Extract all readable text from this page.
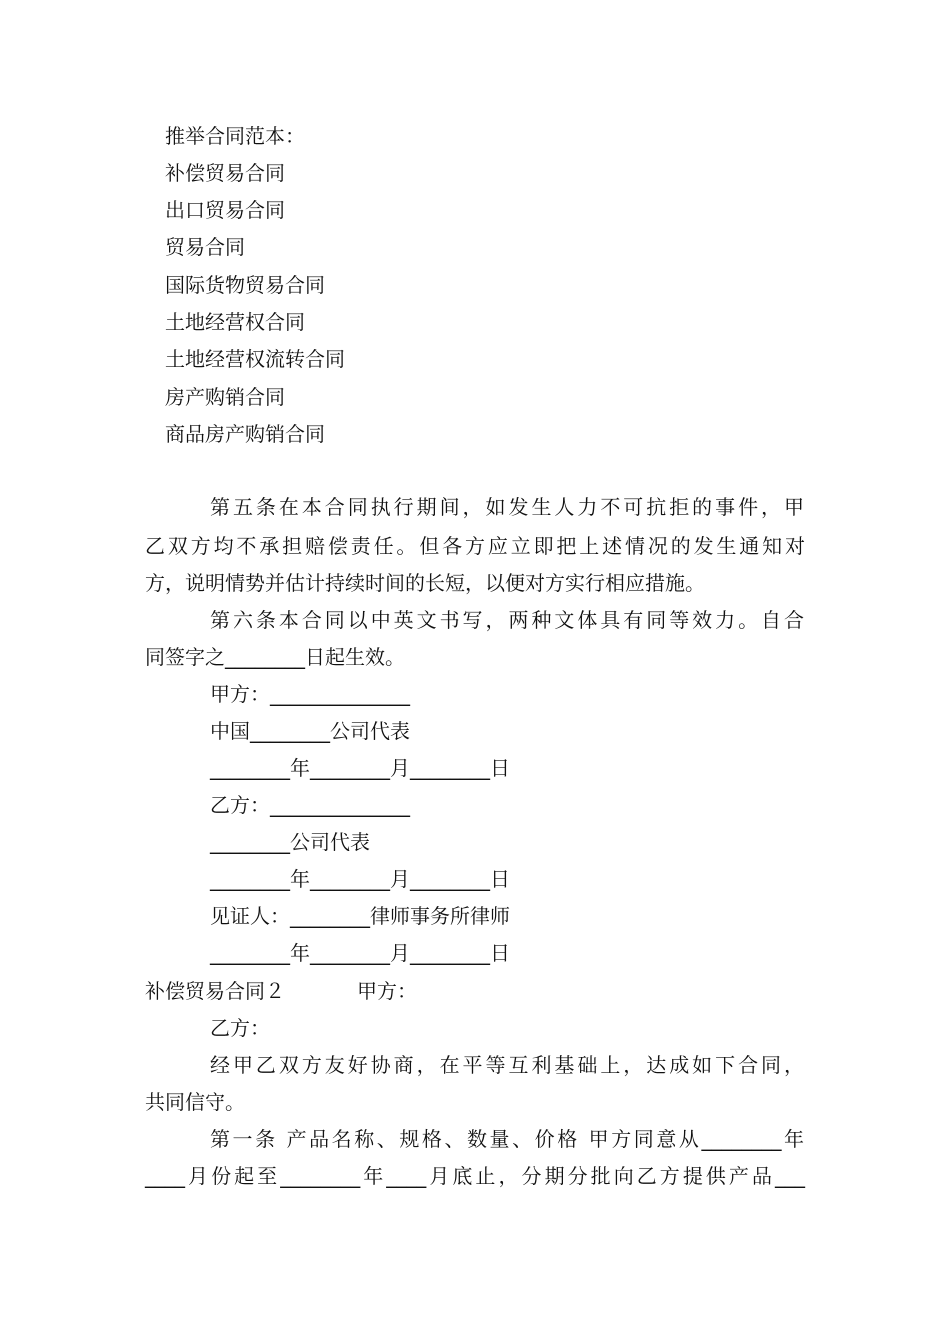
推举合同范本：
补偿贸易合同
出口贸易合同
贸易合同
国际货物贸易合同
土地经营权合同
土地经营权流转合同
房产购销合同
商品房产购销合同
第五条在本合同执行期间，如发生人力不可抗拒的事件，甲
乙双方均不承担赔偿责任。但各方应立即把上述情况的发生通知对
方，说明情势并估计持续时间的长短，以便对方实行相应措施。
第六条本合同以中英文书写，两种文体具有同等效力。自合
同签字之________日起生效。
甲方：______________
中国________公司代表
________年________月________日
乙方：______________
________公司代表
________年________月________日
见证人：________律师事务所律师
________年________月________日
补偿贸易合同２	甲方：
乙方：
经甲乙双方友好协商，在平等互利基础上，达成如下合同，
共同信守。
第一条 产品名称、规格、数量、价格 甲方同意从________年
____月份起至________年____月底止，分期分批向乙方提供产品___
